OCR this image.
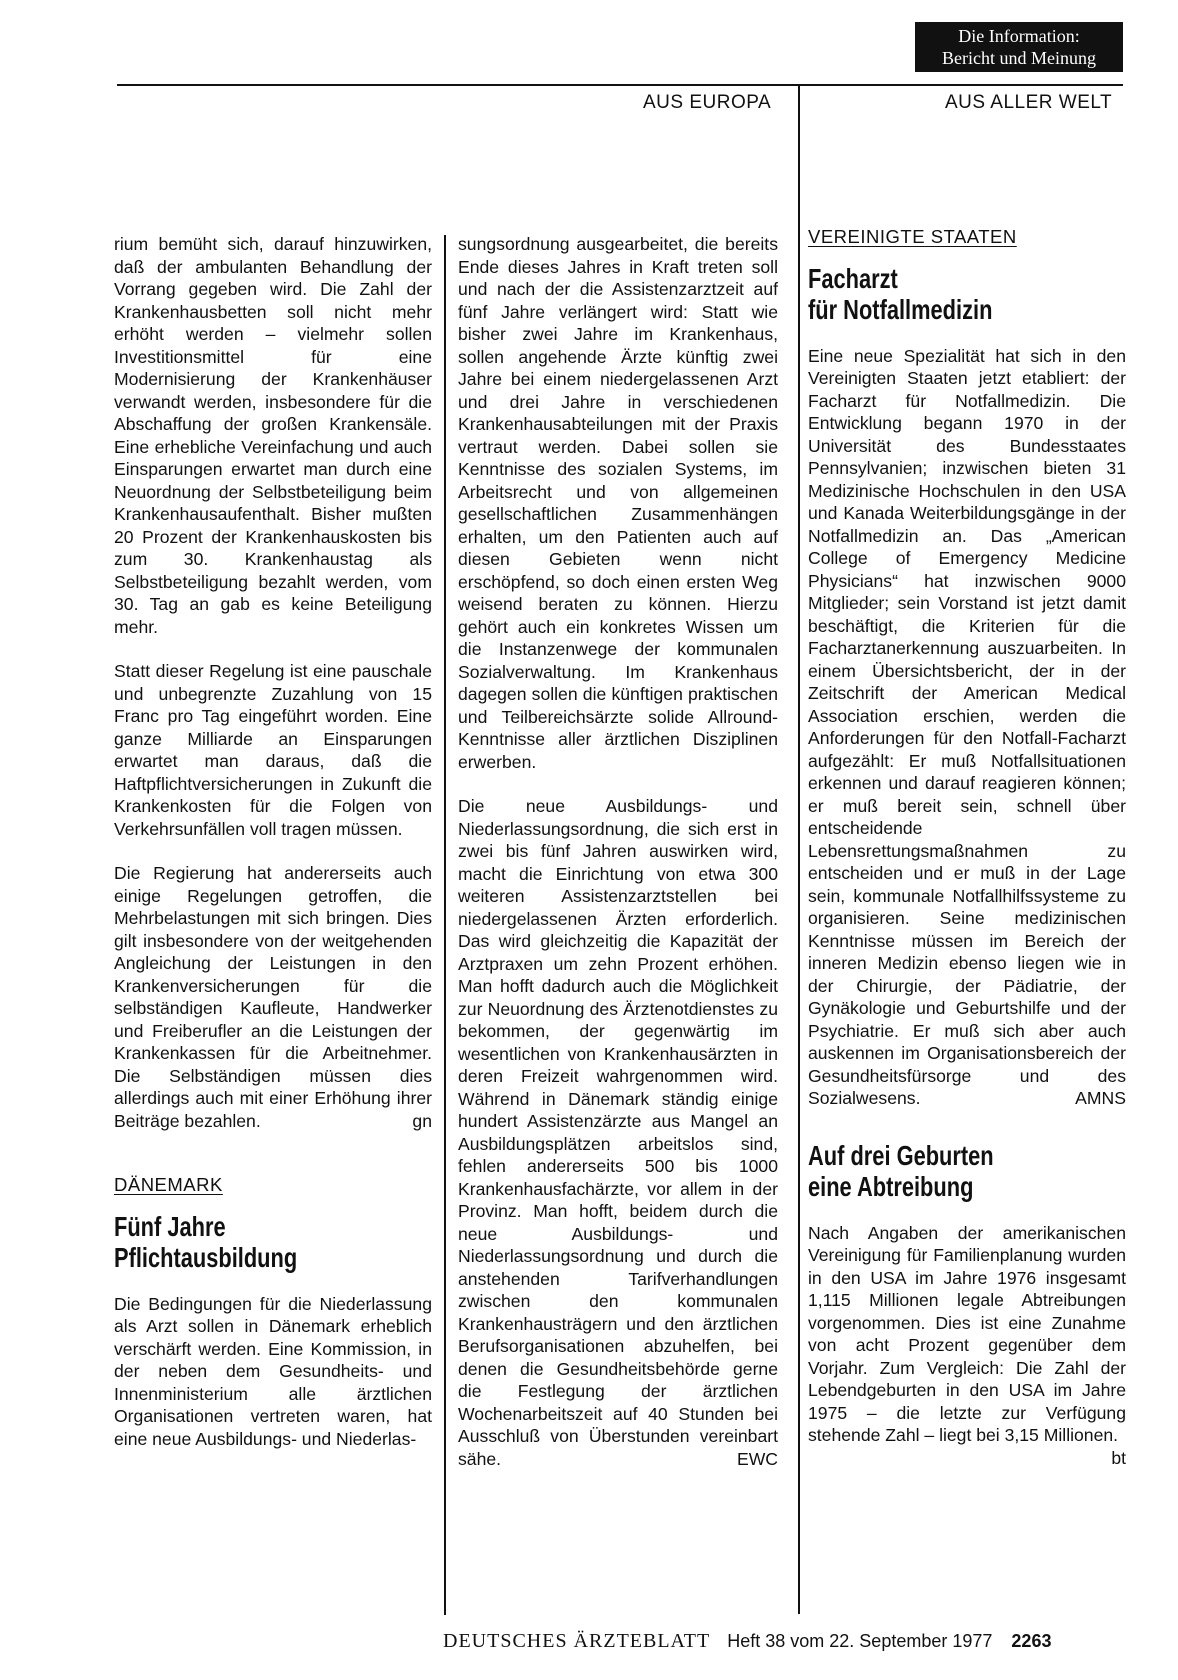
Die Information:
Bericht und Meinung
AUS EUROPA	AUS ALLER WELT

rium bemüht sich, darauf hinzuwirken, daß der ambulanten Behandlung der Vorrang gegeben wird. Die Zahl der Krankenhausbetten soll nicht mehr erhöht werden – vielmehr sollen Investitionsmittel für eine Modernisierung der Krankenhäuser verwandt werden, insbesondere für die Abschaffung der großen Krankensäle. Eine erhebliche Vereinfachung und auch Einsparungen erwartet man durch eine Neuordnung der Selbstbeteiligung beim Krankenhausaufenthalt. Bisher mußten 20 Prozent der Krankenhauskosten bis zum 30. Krankenhaustag als Selbstbeteiligung bezahlt werden, vom 30. Tag an gab es keine Beteiligung mehr.

Statt dieser Regelung ist eine pauschale und unbegrenzte Zuzahlung von 15 Franc pro Tag eingeführt worden. Eine ganze Milliarde an Einsparungen erwartet man daraus, daß die Haftpflichtversicherungen in Zukunft die Krankenkosten für die Folgen von Verkehrsunfällen voll tragen müssen.

Die Regierung hat andererseits auch einige Regelungen getroffen, die Mehrbelastungen mit sich bringen. Dies gilt insbesondere von der weitgehenden Angleichung der Leistungen in den Krankenversicherungen für die selbständigen Kaufleute, Handwerker und Freiberufler an die Leistungen der Krankenkassen für die Arbeitnehmer. Die Selbständigen müssen dies allerdings auch mit einer Erhöhung ihrer Beiträge bezahlen.	gn

DÄNEMARK
Fünf Jahre
Pflichtausbildung

Die Bedingungen für die Niederlassung als Arzt sollen in Dänemark erheblich verschärft werden. Eine Kommission, in der neben dem Gesundheits- und Innenministerium alle ärztlichen Organisationen vertreten waren, hat eine neue Ausbildungs- und Niederlas-

sungsordnung ausgearbeitet, die bereits Ende dieses Jahres in Kraft treten soll und nach der die Assistenzarztzeit auf fünf Jahre verlängert wird: Statt wie bisher zwei Jahre im Krankenhaus, sollen angehende Ärzte künftig zwei Jahre bei einem niedergelassenen Arzt und drei Jahre in verschiedenen Krankenhausabteilungen mit der Praxis vertraut werden. Dabei sollen sie Kenntnisse des sozialen Systems, im Arbeitsrecht und von allgemeinen gesellschaftlichen Zusammenhängen erhalten, um den Patienten auch auf diesen Gebieten wenn nicht erschöpfend, so doch einen ersten Weg weisend beraten zu können. Hierzu gehört auch ein konkretes Wissen um die Instanzenwege der kommunalen Sozialverwaltung. Im Krankenhaus dagegen sollen die künftigen praktischen und Teilbereichsärzte solide Allround-Kenntnisse aller ärztlichen Disziplinen erwerben.

Die neue Ausbildungs- und Niederlassungsordnung, die sich erst in zwei bis fünf Jahren auswirken wird, macht die Einrichtung von etwa 300 weiteren Assistenzarztstellen bei niedergelassenen Ärzten erforderlich. Das wird gleichzeitig die Kapazität der Arztpraxen um zehn Prozent erhöhen. Man hofft dadurch auch die Möglichkeit zur Neuordnung des Ärztenotdienstes zu bekommen, der gegenwärtig im wesentlichen von Krankenhausärzten in deren Freizeit wahrgenommen wird. Während in Dänemark ständig einige hundert Assistenzärzte aus Mangel an Ausbildungsplätzen arbeitslos sind, fehlen andererseits 500 bis 1000 Krankenhausfachärzte, vor allem in der Provinz. Man hofft, beidem durch die neue Ausbildungs- und Niederlassungsordnung und durch die anstehenden Tarifverhandlungen zwischen den kommunalen Krankenhausträgern und den ärztlichen Berufsorganisationen abzuhelfen, bei denen die Gesundheitsbehörde gerne die Festlegung der ärztlichen Wochenarbeitszeit auf 40 Stunden bei Ausschluß von Überstunden vereinbart sähe.	EWC

VEREINIGTE STAATEN
Facharzt
für Notfallmedizin

Eine neue Spezialität hat sich in den Vereinigten Staaten jetzt etabliert: der Facharzt für Notfallmedizin. Die Entwicklung begann 1970 in der Universität des Bundesstaates Pennsylvanien; inzwischen bieten 31 Medizinische Hochschulen in den USA und Kanada Weiterbildungsgänge in der Notfallmedizin an. Das „American College of Emergency Medicine Physicians“ hat inzwischen 9000 Mitglieder; sein Vorstand ist jetzt damit beschäftigt, die Kriterien für die Facharztanerkennung auszuarbeiten. In einem Übersichtsbericht, der in der Zeitschrift der American Medical Association erschien, werden die Anforderungen für den Notfall-Facharzt aufgezählt: Er muß Notfallsituationen erkennen und darauf reagieren können; er muß bereit sein, schnell über entscheidende Lebensrettungsmaßnahmen zu entscheiden und er muß in der Lage sein, kommunale Notfallhilfssysteme zu organisieren. Seine medizinischen Kenntnisse müssen im Bereich der inneren Medizin ebenso liegen wie in der Chirurgie, der Pädiatrie, der Gynäkologie und Geburtshilfe und der Psychiatrie. Er muß sich aber auch auskennen im Organisationsbereich der Gesundheitsfürsorge und des Sozialwesens.	AMNS

Auf drei Geburten
eine Abtreibung

Nach Angaben der amerikanischen Vereinigung für Familienplanung wurden in den USA im Jahre 1976 insgesamt 1,115 Millionen legale Abtreibungen vorgenommen. Dies ist eine Zunahme von acht Prozent gegenüber dem Vorjahr. Zum Vergleich: Die Zahl der Lebendgeburten in den USA im Jahre 1975 – die letzte zur Verfügung stehende Zahl – liegt bei 3,15 Millionen.
bt

DEUTSCHES ÄRZTEBLATT Heft 38 vom 22. September 1977 2263
